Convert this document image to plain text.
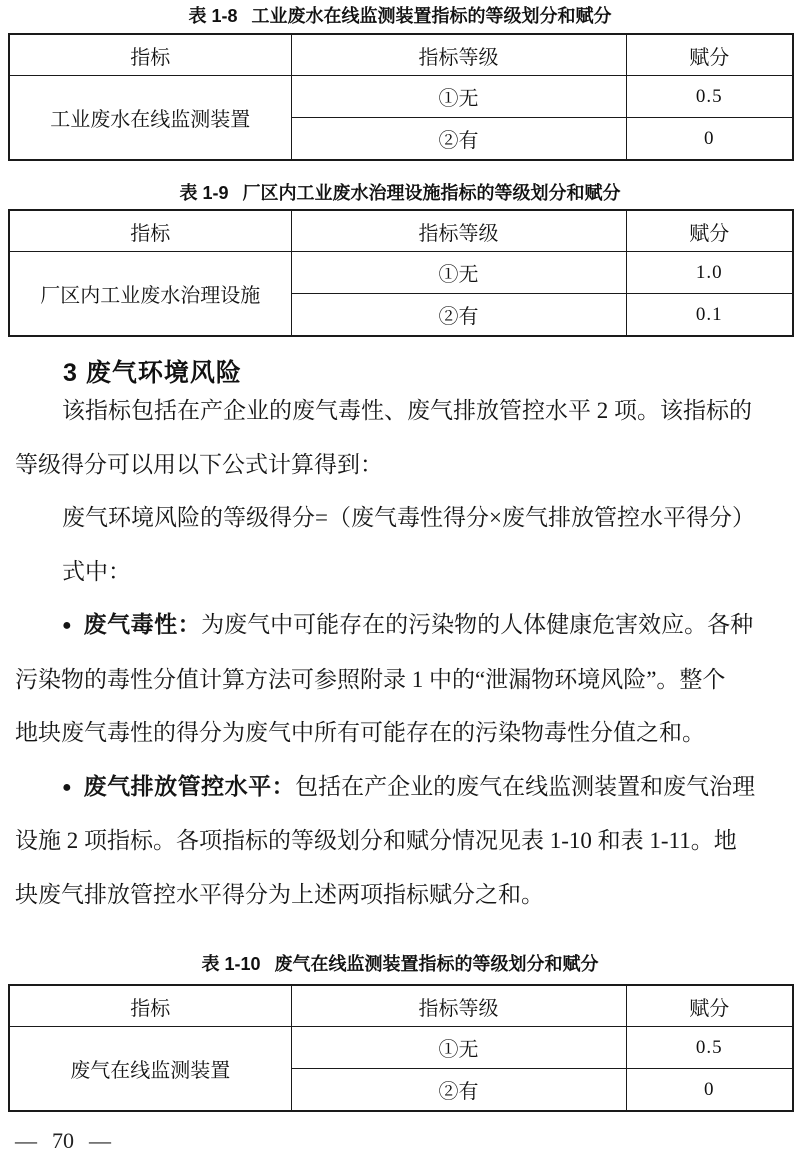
表 1-8 工业废水在线监测装置指标的等级划分和赋分
指标	指标等级	赋分
工业废水在线监测装置	①无	0.5
	②有	0
表 1-9 厂区内工业废水治理设施指标的等级划分和赋分
指标	指标等级	赋分
厂区内工业废水治理设施	①无	1.0
	②有	0.1
3 废气环境风险
该指标包括在产企业的废气毒性、废气排放管控水平 2 项。该指标的
等级得分可以用以下公式计算得到：
废气环境风险的等级得分=（废气毒性得分×废气排放管控水平得分）
式中：
● 废气毒性：为废气中可能存在的污染物的人体健康危害效应。各种
污染物的毒性分值计算方法可参照附录 1 中的“泄漏物环境风险”。整个
地块废气毒性的得分为废气中所有可能存在的污染物毒性分值之和。
● 废气排放管控水平：包括在产企业的废气在线监测装置和废气治理
设施 2 项指标。各项指标的等级划分和赋分情况见表 1-10 和表 1-11。地
块废气排放管控水平得分为上述两项指标赋分之和。
表 1-10 废气在线监测装置指标的等级划分和赋分
指标	指标等级	赋分
废气在线监测装置	①无	0.5
	②有	0
— 70 —
